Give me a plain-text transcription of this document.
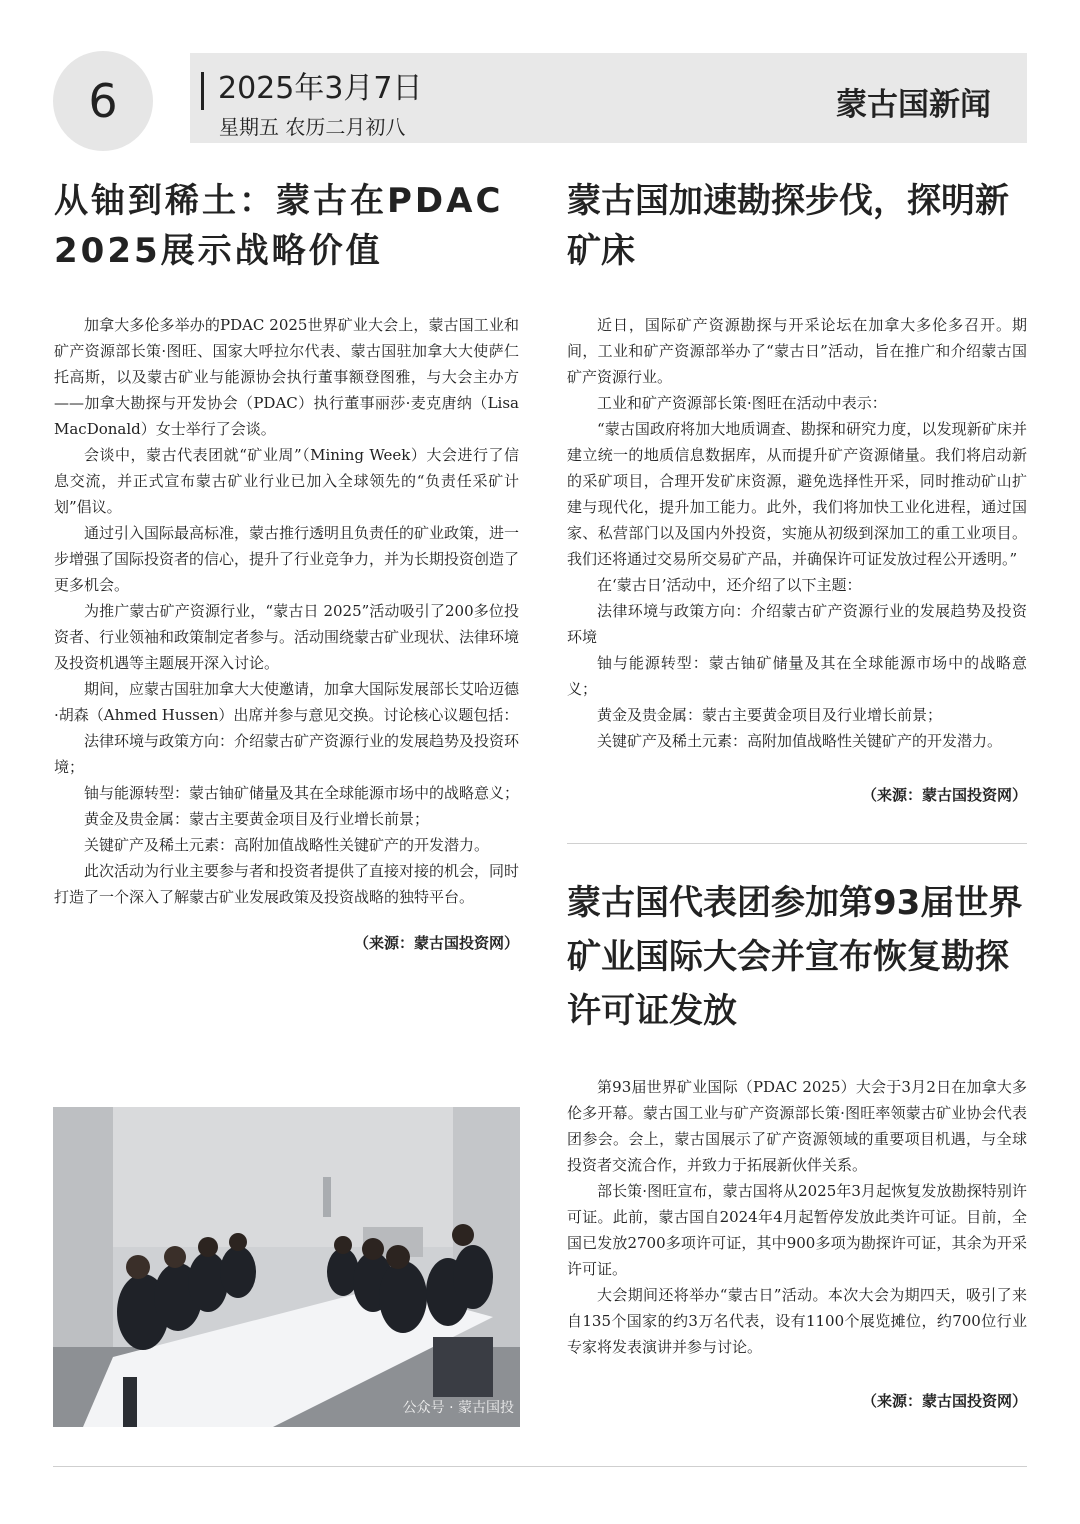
6	2025年3月7日
星期五 农历二月初八
蒙古国新闻
从铀到稀土：蒙古在PDAC 2025展示战略价值

加拿大多伦多举办的PDAC 2025世界矿业大会上，蒙古国工业和矿产资源部长策·图旺、国家大呼拉尔代表、蒙古国驻加拿大大使萨仁托高斯，以及蒙古矿业与能源协会执行董事额登图雅，与大会主办方——加拿大勘探与开发协会（PDAC）执行董事丽莎·麦克唐纳（Lisa MacDonald）女士举行了会谈。

会谈中，蒙古代表团就“矿业周”（Mining Week）大会进行了信息交流，并正式宣布蒙古矿业行业已加入全球领先的“负责任采矿计划”倡议。

通过引入国际最高标准，蒙古推行透明且负责任的矿业政策，进一步增强了国际投资者的信心，提升了行业竞争力，并为长期投资创造了更多机会。

为推广蒙古矿产资源行业，“蒙古日 2025”活动吸引了200多位投资者、行业领袖和政策制定者参与。活动围绕蒙古矿业现状、法律环境及投资机遇等主题展开深入讨论。

期间，应蒙古国驻加拿大大使邀请，加拿大国际发展部长艾哈迈德·胡森（Ahmed Hussen）出席并参与意见交换。讨论核心议题包括：

法律环境与政策方向：介绍蒙古矿产资源行业的发展趋势及投资环境；

铀与能源转型：蒙古铀矿储量及其在全球能源市场中的战略意义；

黄金及贵金属：蒙古主要黄金项目及行业增长前景；

关键矿产及稀土元素：高附加值战略性关键矿产的开发潜力。

此次活动为行业主要参与者和投资者提供了直接对接的机会，同时打造了一个深入了解蒙古矿业发展政策及投资战略的独特平台。

（来源：蒙古国投资网）
公众号 · 蒙古国投
蒙古国加速勘探步伐，探明新矿床

近日，国际矿产资源勘探与开采论坛在加拿大多伦多召开。期间，工业和矿产资源部举办了“蒙古日”活动，旨在推广和介绍蒙古国矿产资源行业。

工业和矿产资源部长策·图旺在活动中表示：

“蒙古国政府将加大地质调查、勘探和研究力度，以发现新矿床并建立统一的地质信息数据库，从而提升矿产资源储量。我们将启动新的采矿项目，合理开发矿床资源，避免选择性开采，同时推动矿山扩建与现代化，提升加工能力。此外，我们将加快工业化进程，通过国家、私营部门以及国内外投资，实施从初级到深加工的重工业项目。我们还将通过交易所交易矿产品，并确保许可证发放过程公开透明。”

在‘蒙古日’活动中，还介绍了以下主题：

法律环境与政策方向：介绍蒙古矿产资源行业的发展趋势及投资环境

铀与能源转型：蒙古铀矿储量及其在全球能源市场中的战略意义；

黄金及贵金属：蒙古主要黄金项目及行业增长前景；

关键矿产及稀土元素：高附加值战略性关键矿产的开发潜力。

（来源：蒙古国投资网）
蒙古国代表团参加第93届世界矿业国际大会并宣布恢复勘探许可证发放

第93届世界矿业国际（PDAC 2025）大会于3月2日在加拿大多伦多开幕。蒙古国工业与矿产资源部长策·图旺率领蒙古矿业协会代表团参会。会上，蒙古国展示了矿产资源领域的重要项目机遇，与全球投资者交流合作，并致力于拓展新伙伴关系。

部长策·图旺宣布，蒙古国将从2025年3月起恢复发放勘探特别许可证。此前，蒙古国自2024年4月起暂停发放此类许可证。目前，全国已发放2700多项许可证，其中900多项为勘探许可证，其余为开采许可证。

大会期间还将举办“蒙古日”活动。本次大会为期四天，吸引了来自135个国家的约3万名代表，设有1100个展览摊位，约700位行业专家将发表演讲并参与讨论。

（来源：蒙古国投资网）
